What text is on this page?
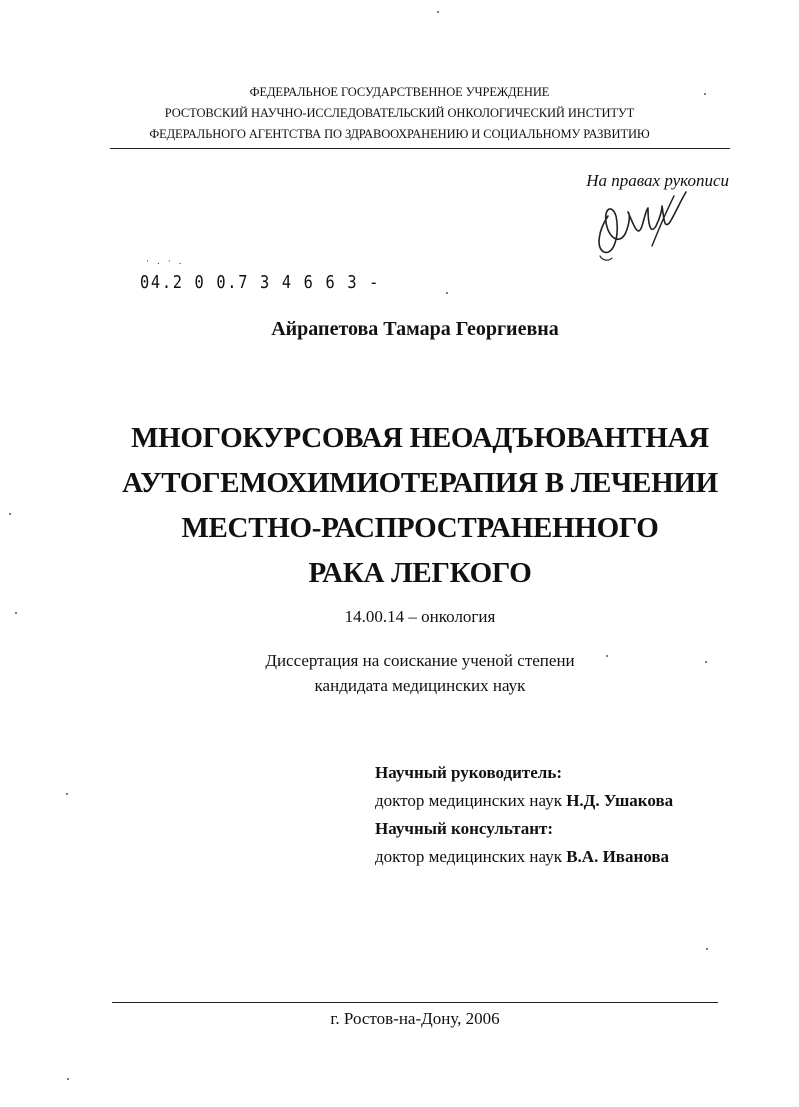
ФЕДЕРАЛЬНОЕ ГОСУДАРСТВЕННОЕ УЧРЕЖДЕНИЕ
РОСТОВСКИЙ НАУЧНО-ИССЛЕДОВАТЕЛЬСКИЙ ОНКОЛОГИЧЕСКИЙ ИНСТИТУТ
ФЕДЕРАЛЬНОГО АГЕНТСТВА ПО ЗДРАВООХРАНЕНИЮ И СОЦИАЛЬНОМУ РАЗВИТИЮ
На правах рукописи
· . · .
04.2 0 0.7 3 4 6 6 3 -
Айрапетова Тамара Георгиевна
МНОГОКУРСОВАЯ НЕОАДЪЮВАНТНАЯ
АУТОГЕМОХИМИОТЕРАПИЯ В ЛЕЧЕНИИ
МЕСТНО-РАСПРОСТРАНЕННОГО
РАКА ЛЕГКОГО
14.00.14 – онкология
Диссертация на соискание ученой степени
кандидата медицинских наук
Научный руководитель:
доктор медицинских наук Н.Д. Ушакова
Научный консультант:
доктор медицинских наук В.А. Иванова
г. Ростов-на-Дону, 2006
